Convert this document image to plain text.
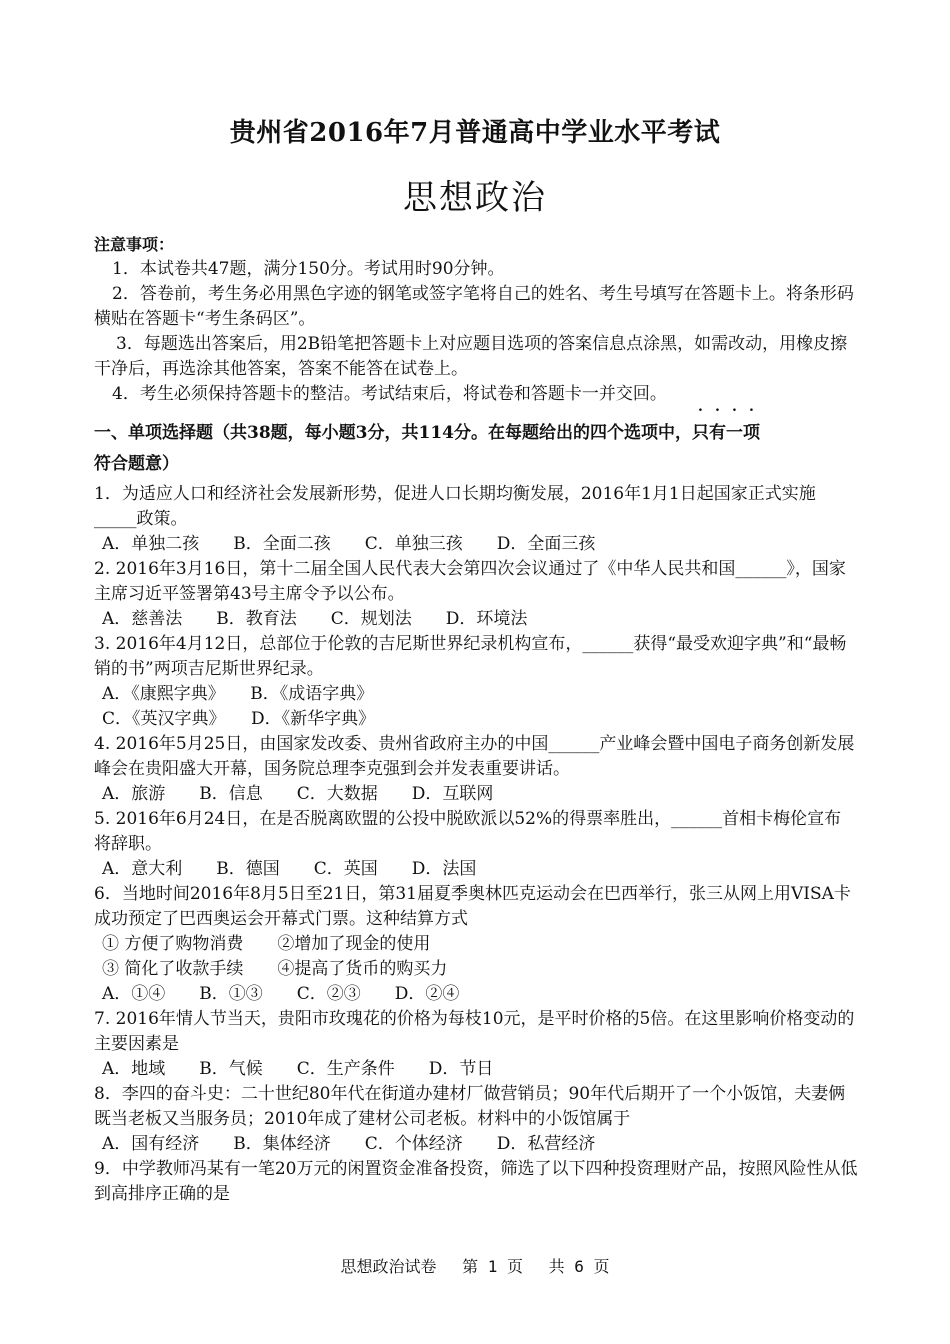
贵州省2016年7月普通高中学业水平考试
思想政治

注意事项：

1．本试卷共47题，满分150分。考试用时90分钟。

2．答卷前，考生务必用黑色字迹的钢笔或签字笔将自己的姓名、考生号填写在答题卡上。将条形码横贴在答题卡“考生条码区”。

3．每题选出答案后，用2B铅笔把答题卡上对应题目选项的答案信息点涂黑，如需改动，用橡皮擦干净后，再选涂其他答案，答案不能答在试卷上。

4．考生必须保持答题卡的整洁。考试结束后，将试卷和答题卡一并交回。

一、单项选择题（共38题，每小题3分，共114分。在每题给出的四个选项中，
.
只
.
有
.
一
.
项
符合题意）

1．为适应人口和经济社会发展新形势，促进人口长期均衡发展，2016年1月1日起国家正式实施_____政策。

A．单独二孩　　B．全面二孩　　C．单独三孩　　D．全面三孩

2. 2016年3月16日，第十二届全国人民代表大会第四次会议通过了《中华人民共和国______》，国家主席习近平签署第43号主席令予以公布。

A．慈善法　　B．教育法　　C．规划法　　D．环境法

3. 2016年4月12日，总部位于伦敦的吉尼斯世界纪录机构宣布，______获得“最受欢迎字典”和“最畅销的书”两项吉尼斯世界纪录。

A．《康熙字典》　　B．《成语字典》

C．《英汉字典》　　D．《新华字典》

4. 2016年5月25日，由国家发改委、贵州省政府主办的中国______产业峰会暨中国电子商务创新发展峰会在贵阳盛大开幕，国务院总理李克强到会并发表重要讲话。

A．旅游　　B．信息　　C．大数据　　D．互联网

5. 2016年6月24日，在是否脱离欧盟的公投中脱欧派以52%的得票率胜出，______首相卡梅伦宣布将辞职。

A．意大利　　B．德国　　C．英国　　D．法国

6．当地时间2016年8月5日至21日，第31届夏季奥林匹克运动会在巴西举行，张三从网上用VISA卡成功预定了巴西奥运会开幕式门票。这种结算方式

① 方便了购物消费　　②增加了现金的使用

③ 简化了收款手续　　④提高了货币的购买力

A．①④　　B．①③　　C．②③　　D．②④

7. 2016年情人节当天，贵阳市玫瑰花的价格为每枝10元，是平时价格的5倍。在这里影响价格变动的主要因素是

A．地域　　B．气候　　C．生产条件　　D．节日

8．李四的奋斗史：二十世纪80年代在街道办建材厂做营销员；90年代后期开了一个小饭馆，夫妻俩既当老板又当服务员；2010年成了建材公司老板。材料中的小饭馆属于

A．国有经济　　B．集体经济　　C．个体经济　　D．私营经济

9．中学教师冯某有一笔20万元的闲置资金准备投资，筛选了以下四种投资理财产品，按照风险性从低到高排序正确的是

思想政治试卷　 第 1 页　 共 6 页
